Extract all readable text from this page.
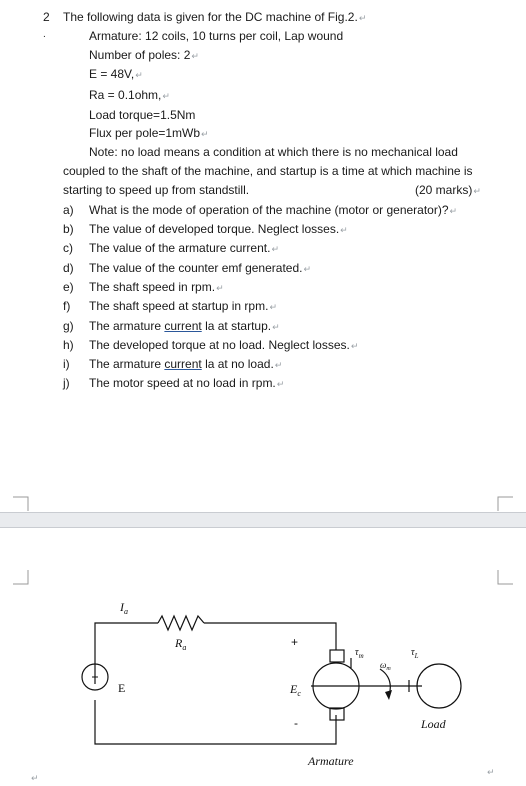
2
.
The following data is given for the DC machine of Fig.2.↵
Armature: 12 coils, 10 turns per coil, Lap wound
Number of poles: 2↵
E = 48V,↵
Ra = 0.1ohm,↵
Load torque=1.5Nm
Flux per pole=1mWb↵
Note: no load means a condition at which there is no mechanical load
coupled to the shaft of the machine, and startup is a time at which machine is
starting to speed up from standstill.	(20 marks)↵
a) What is the mode of operation of the machine (motor or generator)?↵
b) The value of developed torque. Neglect losses.↵
c) The value of the armature current.↵
d) The value of the counter emf generated.↵
e) The shaft speed in rpm.↵
f) The shaft speed at startup in rpm.↵
g) The armature current la at startup.↵
h) The developed torque at no load. Neglect losses.↵
i) The armature current la at no load.↵
j) The motor speed at no load in rpm.↵
$I_a$
$R_a$
E	$E_c$
$\tau_m$
$\omega_m$
$\tau_L$
Load
Armature
+
-
↵
↵
